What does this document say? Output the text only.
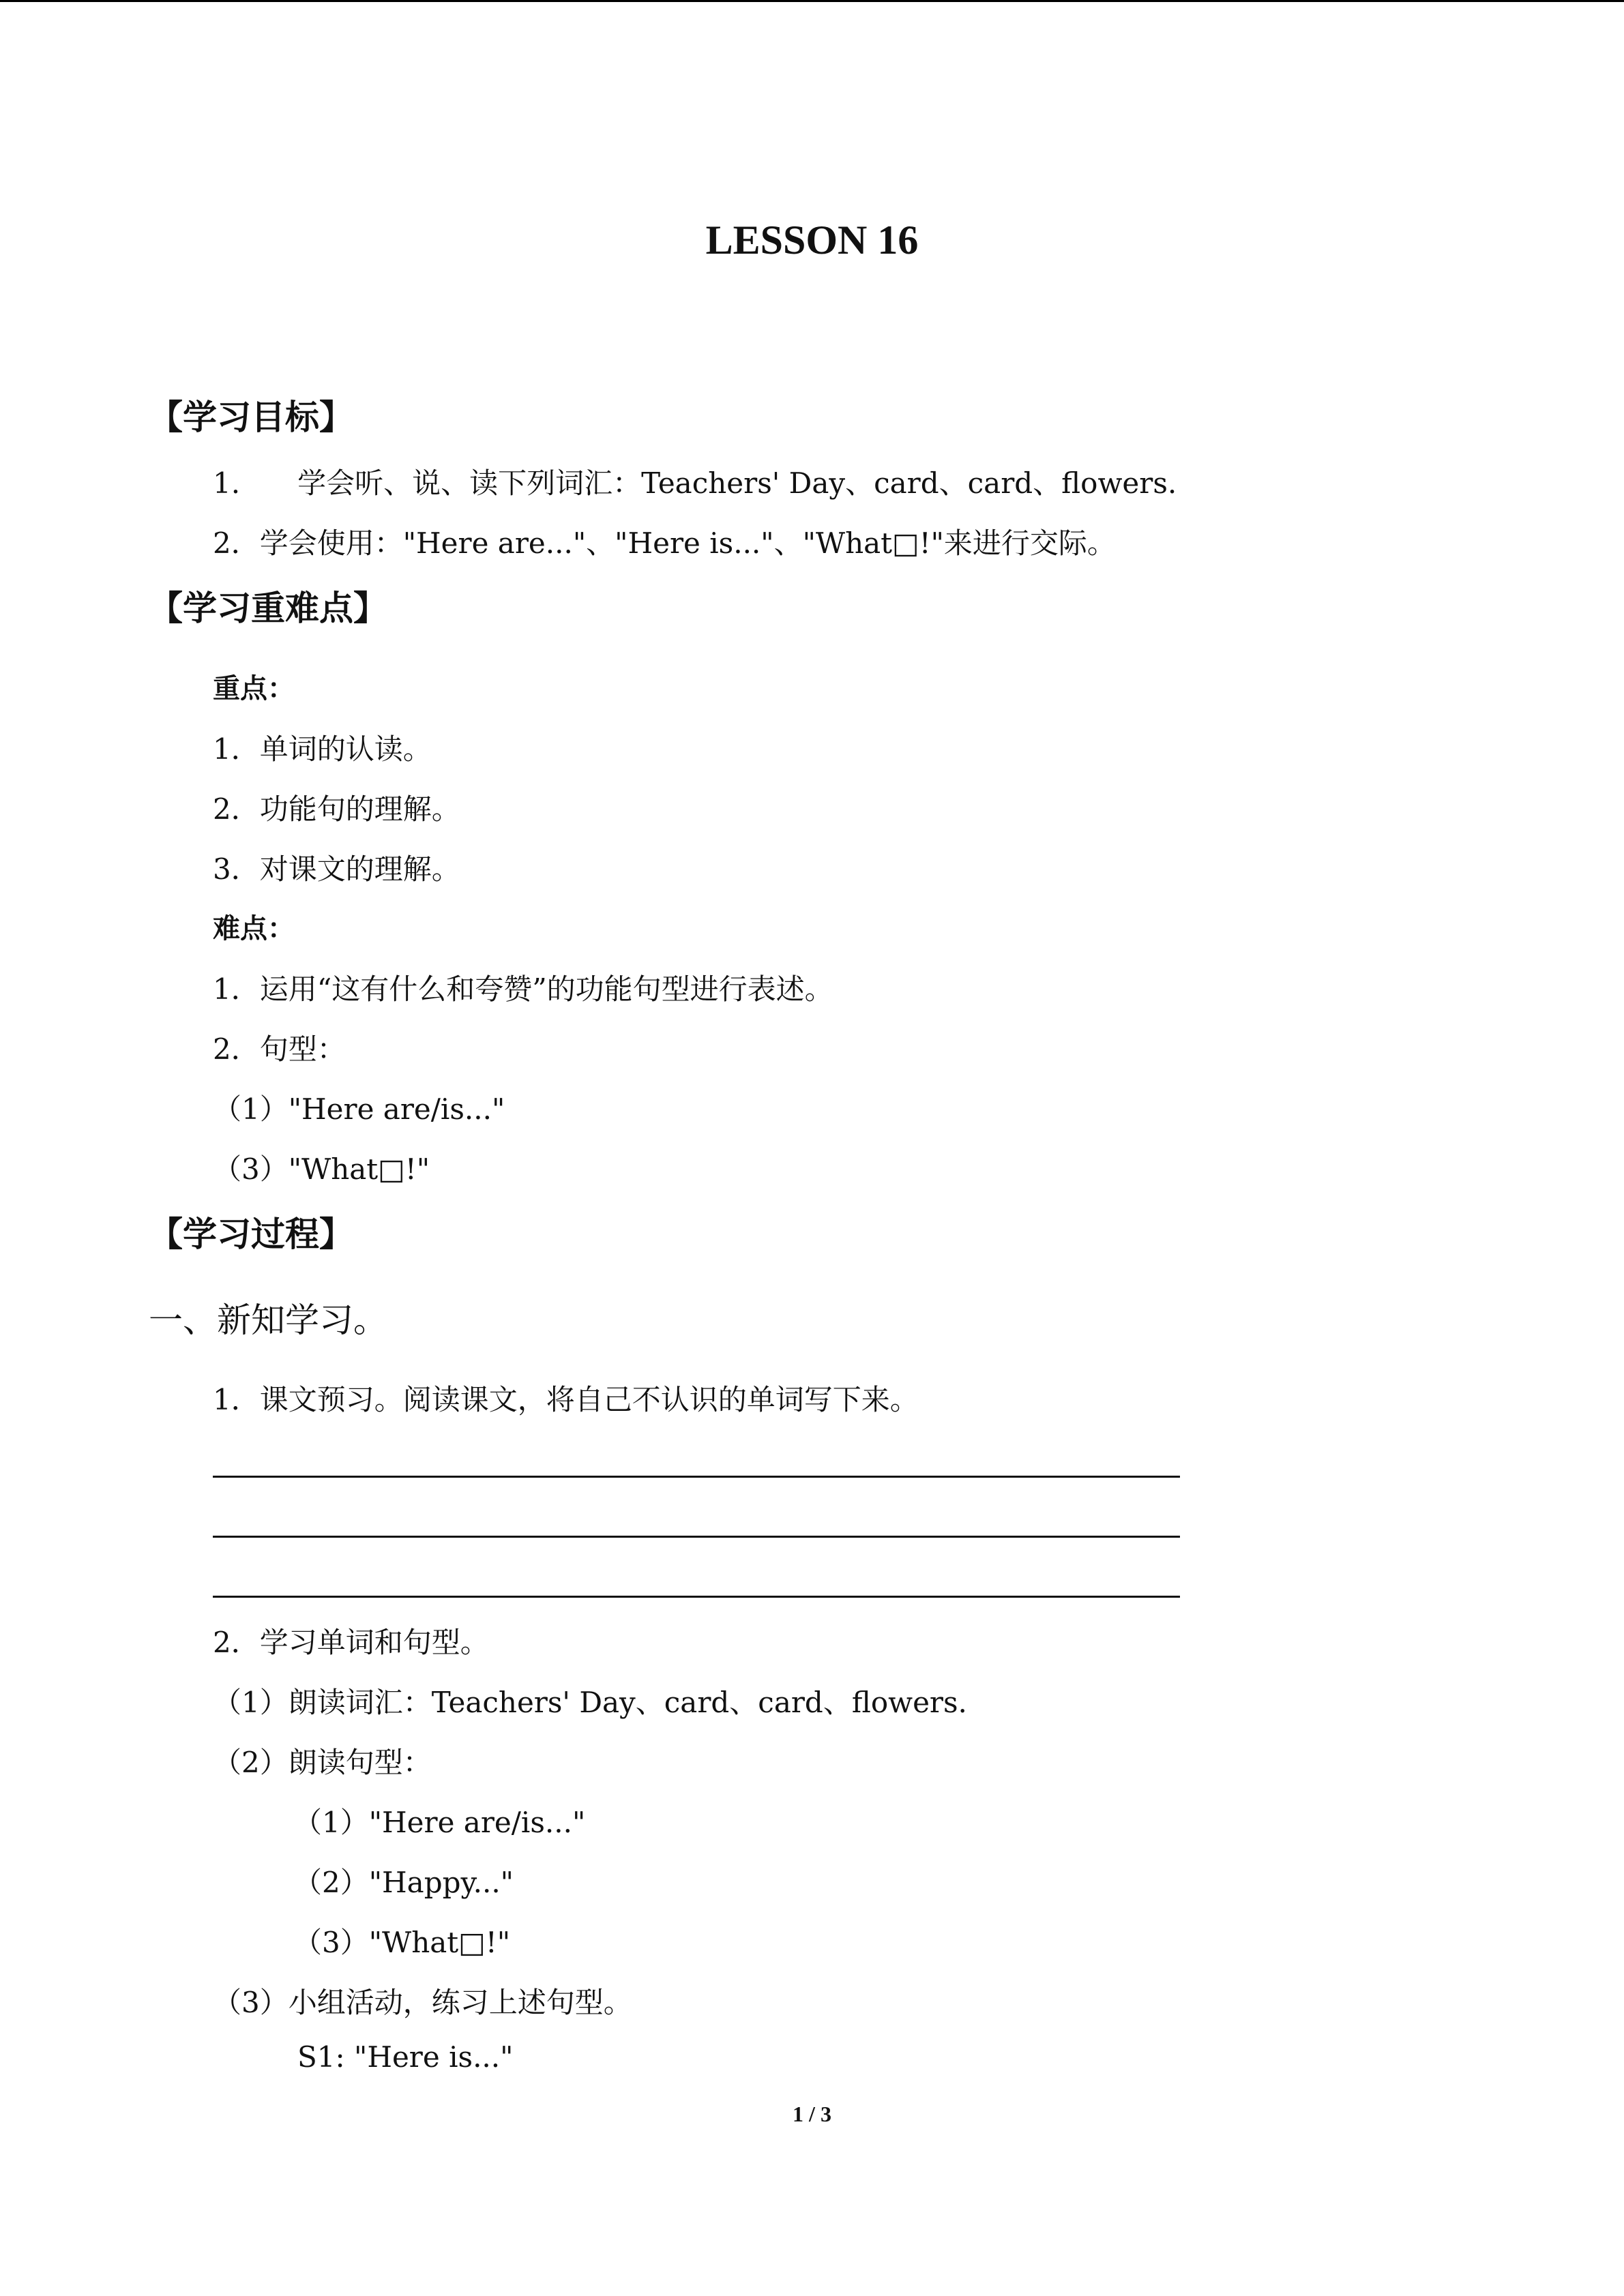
LESSON 16
【学习目标】
1.　　学会听、说、读下列词汇：Teachers' Day、card、card、flowers.
2．学会使用："Here are..."、"Here is..."、"What□!"来进行交际。
【学习重难点】
重点：
1．单词的认读。
2．功能句的理解。
3．对课文的理解。
难点：
1．运用“这有什么和夸赞”的功能句型进行表述。
2．句型：
（1）"Here are/is..."
（3）"What□!"
【学习过程】
一、新知学习。
1．课文预习。阅读课文，将自己不认识的单词写下来。
2．学习单词和句型。
（1）朗读词汇：Teachers' Day、card、card、flowers.
（2）朗读句型：
（1）"Here are/is..."
（2）"Happy..."
（3）"What□!"
（3）小组活动，练习上述句型。
S1: "Here is..."
1 / 3
